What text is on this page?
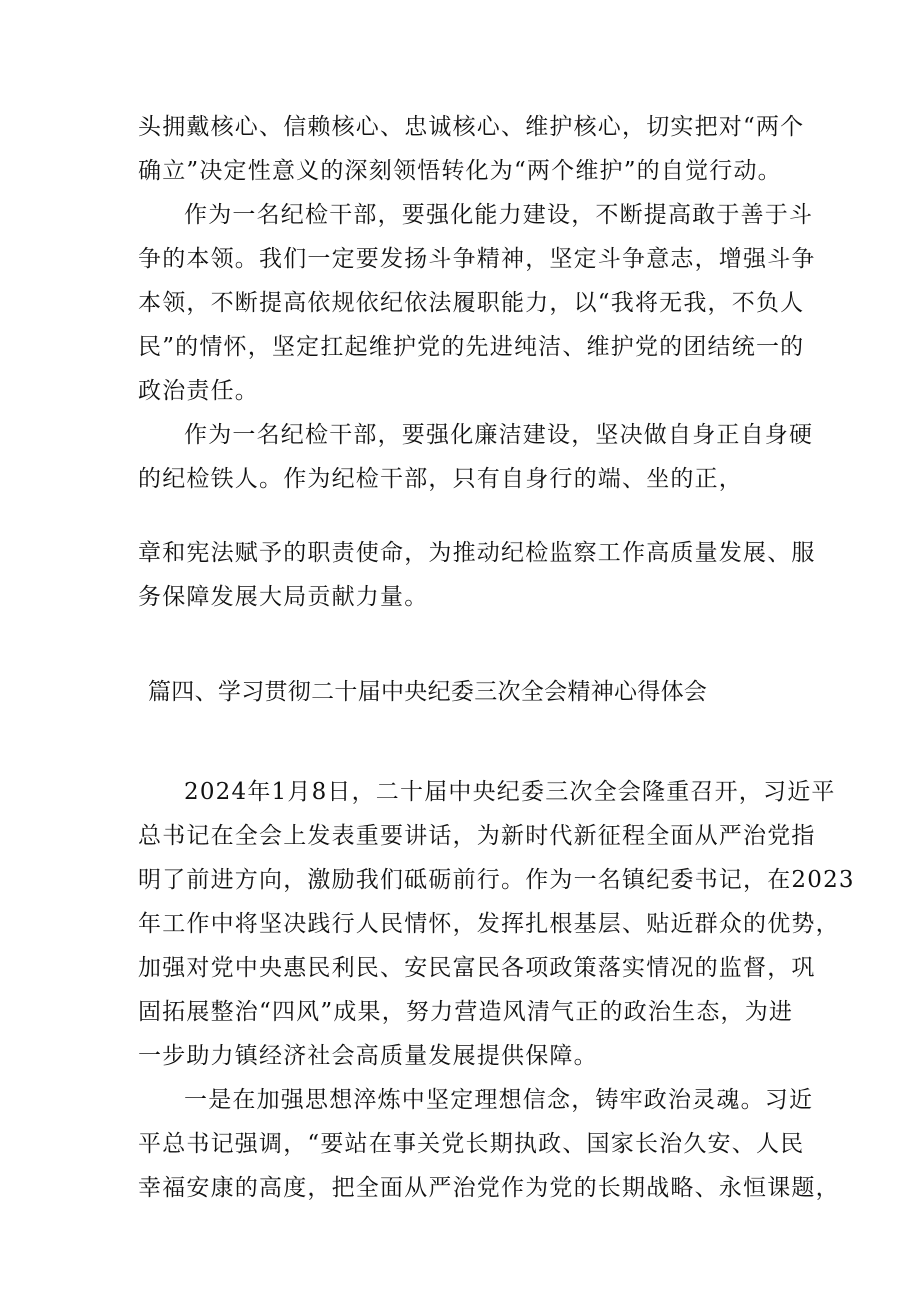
头拥戴核心、信赖核心、忠诚核心、维护核心，切实把对“两个
确立”决定性意义的深刻领悟转化为“两个维护”的自觉行动。
作为一名纪检干部，要强化能力建设，不断提高敢于善于斗
争的本领。我们一定要发扬斗争精神，坚定斗争意志，增强斗争
本领，不断提高依规依纪依法履职能力，以“我将无我，不负人
民”的情怀，坚定扛起维护党的先进纯洁、维护党的团结统一的
政治责任。
作为一名纪检干部，要强化廉洁建设，坚决做自身正自身硬
的纪检铁人。作为纪检干部，只有自身行的端、坐的正，
章和宪法赋予的职责使命，为推动纪检监察工作高质量发展、服
务保障发展大局贡献力量。
篇四、学习贯彻二十届中央纪委三次全会精神心得体会
2024年1月8日，二十届中央纪委三次全会隆重召开，习近平
总书记在全会上发表重要讲话，为新时代新征程全面从严治党指
明了前进方向，激励我们砥砺前行。作为一名镇纪委书记，在2023
年工作中将坚决践行人民情怀，发挥扎根基层、贴近群众的优势，
加强对党中央惠民利民、安民富民各项政策落实情况的监督，巩
固拓展整治“四风”成果，努力营造风清气正的政治生态，为进
一步助力镇经济社会高质量发展提供保障。
一是在加强思想淬炼中坚定理想信念，铸牢政治灵魂。习近
平总书记强调，“要站在事关党长期执政、国家长治久安、人民
幸福安康的高度，把全面从严治党作为党的长期战略、永恒课题，
